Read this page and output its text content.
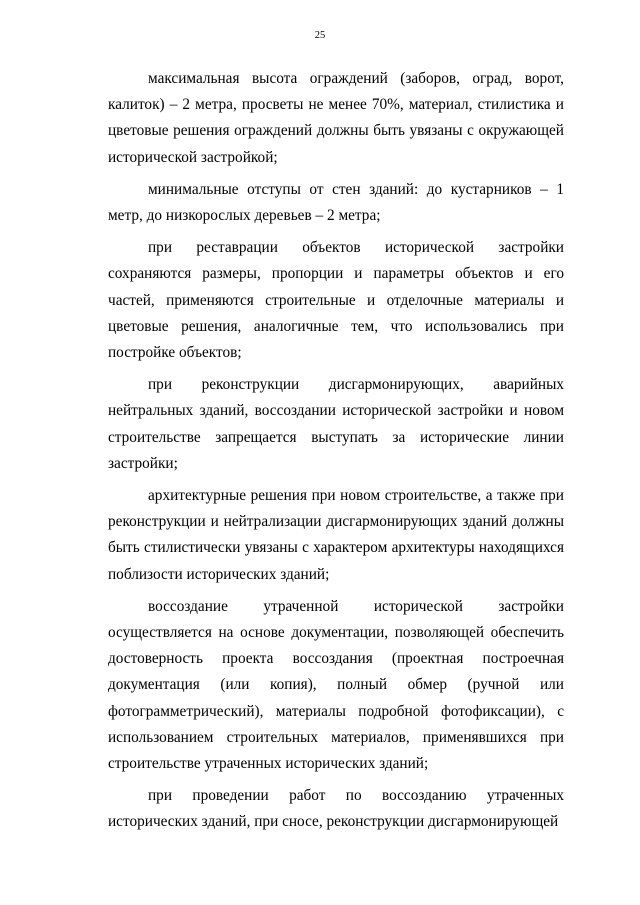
25

максимальная высота ограждений (заборов, оград, ворот, калиток) – 2 метра, просветы не менее 70%, материал, стилистика и цветовые решения ограждений должны быть увязаны с окружающей исторической застройкой;

минимальные отступы от стен зданий: до кустарников – 1 метр, до низкорослых деревьев – 2 метра;

при реставрации объектов исторической застройки сохраняются размеры, пропорции и параметры объектов и его частей, применяются строительные и отделочные материалы и цветовые решения, аналогичные тем, что использовались при постройке объектов;

при реконструкции дисгармонирующих, аварийных нейтральных зданий, воссоздании исторической застройки и новом строительстве запрещается выступать за исторические линии застройки;

архитектурные решения при новом строительстве, а также при реконструкции и нейтрализации дисгармонирующих зданий должны быть стилистически увязаны с характером архитектуры находящихся поблизости исторических зданий;

воссоздание утраченной исторической застройки осуществляется на основе документации, позволяющей обеспечить достоверность проекта воссоздания (проектная построечная документация (или копия), полный обмер (ручной или фотограмметрический), материалы подробной фотофиксации), с использованием строительных материалов, применявшихся при строительстве утраченных исторических зданий;

при проведении работ по воссозданию утраченных исторических зданий, при сносе, реконструкции дисгармонирующей
